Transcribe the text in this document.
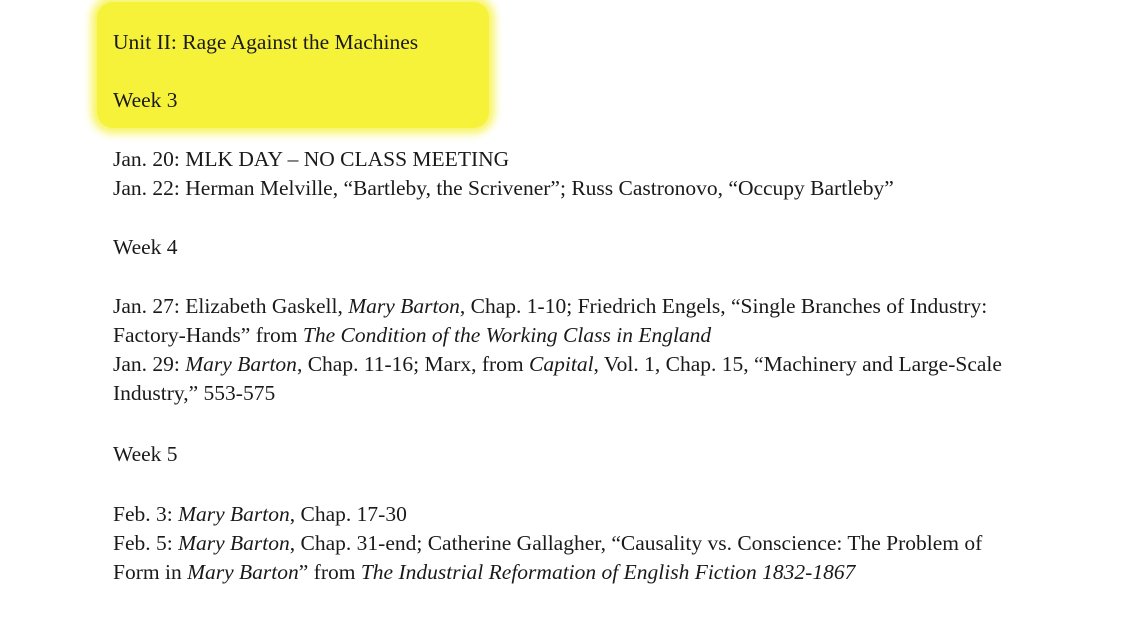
Unit II: Rage Against the Machines
Week 3
Jan. 20: MLK DAY – NO CLASS MEETING
Jan. 22: Herman Melville, “Bartleby, the Scrivener”; Russ Castronovo, “Occupy Bartleby”
Week 4
Jan. 27: Elizabeth Gaskell, Mary Barton, Chap. 1-10; Friedrich Engels, “Single Branches of Industry:
Factory-Hands” from The Condition of the Working Class in England
Jan. 29: Mary Barton, Chap. 11-16; Marx, from Capital, Vol. 1, Chap. 15, “Machinery and Large-Scale
Industry,” 553-575
Week 5
Feb. 3: Mary Barton, Chap. 17-30
Feb. 5: Mary Barton, Chap. 31-end; Catherine Gallagher, “Causality vs. Conscience: The Problem of
Form in Mary Barton” from The Industrial Reformation of English Fiction 1832-1867
